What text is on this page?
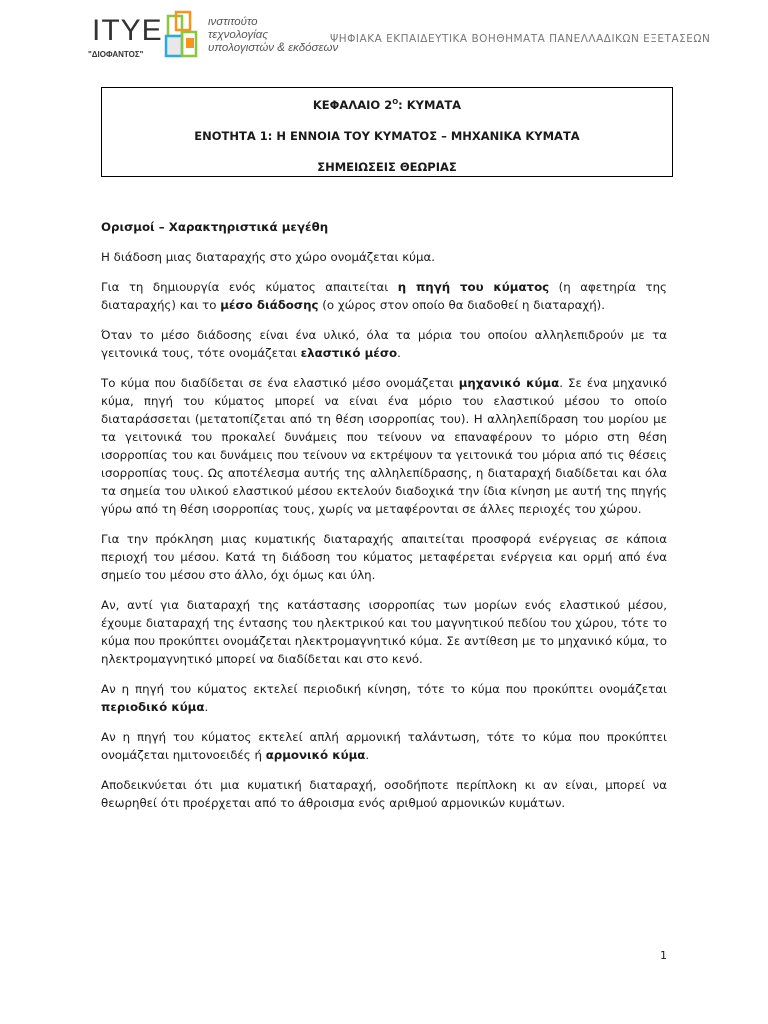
ΙΤΥΕ
"ΔΙΟΦΑΝΤΟΣ"
ινστιτούτο
τεχνολογίας
υπολογιστών & εκδόσεων
ΨΗΦΙΑΚΑ ΕΚΠΑΙΔΕΥΤΙΚΑ ΒΟΗΘΗΜΑΤΑ ΠΑΝΕΛΛΑΔΙΚΩΝ ΕΞΕΤΑΣΕΩΝ
ΚΕΦΑΛΑΙΟ $2^O$: ΚΥΜΑΤΑ
ΕΝΟΤΗΤΑ 1: Η ΕΝΝΟΙΑ ΤΟΥ ΚΥΜΑΤΟΣ – ΜΗΧΑΝΙΚΑ ΚΥΜΑΤΑ
ΣΗΜΕΙΩΣΕΙΣ ΘΕΩΡΙΑΣ
Ορισμοί – Χαρακτηριστικά μεγέθη

Η διάδοση μιας διαταραχής στο χώρο ονομάζεται κύμα.

Για τη δημιουργία ενός κύματος απαιτείται η πηγή του κύματος (η αφετηρία της διαταραχής) και το μέσο διάδοσης (ο χώρος στον οποίο θα διαδοθεί η διαταραχή).

Όταν το μέσο διάδοσης είναι ένα υλικό, όλα τα μόρια του οποίου αλληλεπιδρούν με τα γειτονικά τους, τότε ονομάζεται ελαστικό μέσο.

Το κύμα που διαδίδεται σε ένα ελαστικό μέσο ονομάζεται μηχανικό κύμα. Σε ένα μηχανικό κύμα, πηγή του κύματος μπορεί να είναι ένα μόριο του ελαστικού μέσου το οποίο διαταράσσεται (μετατοπίζεται από τη θέση ισορροπίας του). Η αλληλεπίδραση του μορίου με τα γειτονικά του προκαλεί δυνάμεις που τείνουν να επαναφέρουν το μόριο στη θέση ισορροπίας του και δυνάμεις που τείνουν να εκτρέψουν τα γειτονικά του μόρια από τις θέσεις ισορροπίας τους. Ως αποτέλεσμα αυτής της αλληλεπίδρασης, η διαταραχή διαδίδεται και όλα τα σημεία του υλικού ελαστικού μέσου εκτελούν διαδοχικά την ίδια κίνηση με αυτή της πηγής γύρω από τη θέση ισορροπίας τους, χωρίς να μεταφέρονται σε άλλες περιοχές του χώρου.

Για την πρόκληση μιας κυματικής διαταραχής απαιτείται προσφορά ενέργειας σε κάποια περιοχή του μέσου. Κατά τη διάδοση του κύματος μεταφέρεται ενέργεια και ορμή από ένα σημείο του μέσου στο άλλο, όχι όμως και ύλη.

Αν, αντί για διαταραχή της κατάστασης ισορροπίας των μορίων ενός ελαστικού μέσου, έχουμε διαταραχή της έντασης του ηλεκτρικού και του μαγνητικού πεδίου του χώρου, τότε το κύμα που προκύπτει ονομάζεται ηλεκτρομαγνητικό κύμα. Σε αντίθεση με το μηχανικό κύμα, το ηλεκτρομαγνητικό μπορεί να διαδίδεται και στο κενό.

Αν η πηγή του κύματος εκτελεί περιοδική κίνηση, τότε το κύμα που προκύπτει ονομάζεται περιοδικό κύμα.

Αν η πηγή του κύματος εκτελεί απλή αρμονική ταλάντωση, τότε το κύμα που προκύπτει ονομάζεται ημιτονοειδές ή αρμονικό κύμα.

Αποδεικνύεται ότι μια κυματική διαταραχή, οσοδήποτε περίπλοκη κι αν είναι, μπορεί να θεωρηθεί ότι προέρχεται από το άθροισμα ενός αριθμού αρμονικών κυμάτων.

1
